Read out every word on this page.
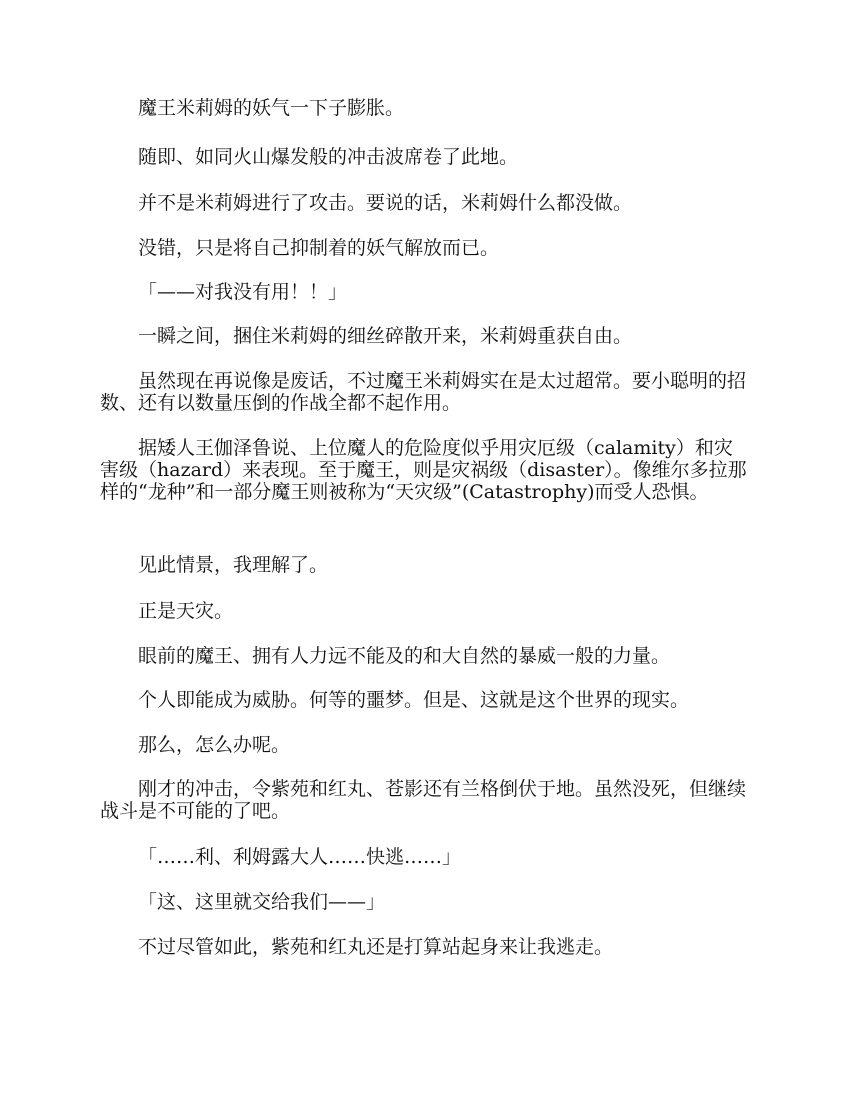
魔王米莉姆的妖气一下子膨胀。

随即、如同火山爆发般的冲击波席卷了此地。

并不是米莉姆进行了攻击。要说的话，米莉姆什么都没做。

没错，只是将自己抑制着的妖气解放而已。

「——对我没有用！！」

一瞬之间，捆住米莉姆的细丝碎散开来，米莉姆重获自由。

虽然现在再说像是废话，不过魔王米莉姆实在是太过超常。要小聪明的招数、还有以数量压倒的作战全都不起作用。

据矮人王伽泽鲁说、上位魔人的危险度似乎用灾厄级（calamity）和灾害级（hazard）来表现。至于魔王，则是灾祸级（disaster）。像维尔多拉那样的“龙种”和一部分魔王则被称为“天灾级”(Catastrophy)而受人恐惧。

见此情景，我理解了。

正是天灾。

眼前的魔王、拥有人力远不能及的和大自然的暴威一般的力量。

个人即能成为威胁。何等的噩梦。但是、这就是这个世界的现实。

那么，怎么办呢。

刚才的冲击，令紫苑和红丸、苍影还有兰格倒伏于地。虽然没死，但继续战斗是不可能的了吧。

「……利、利姆露大人……快逃……」

「这、这里就交给我们——」

不过尽管如此，紫苑和红丸还是打算站起身来让我逃走。
